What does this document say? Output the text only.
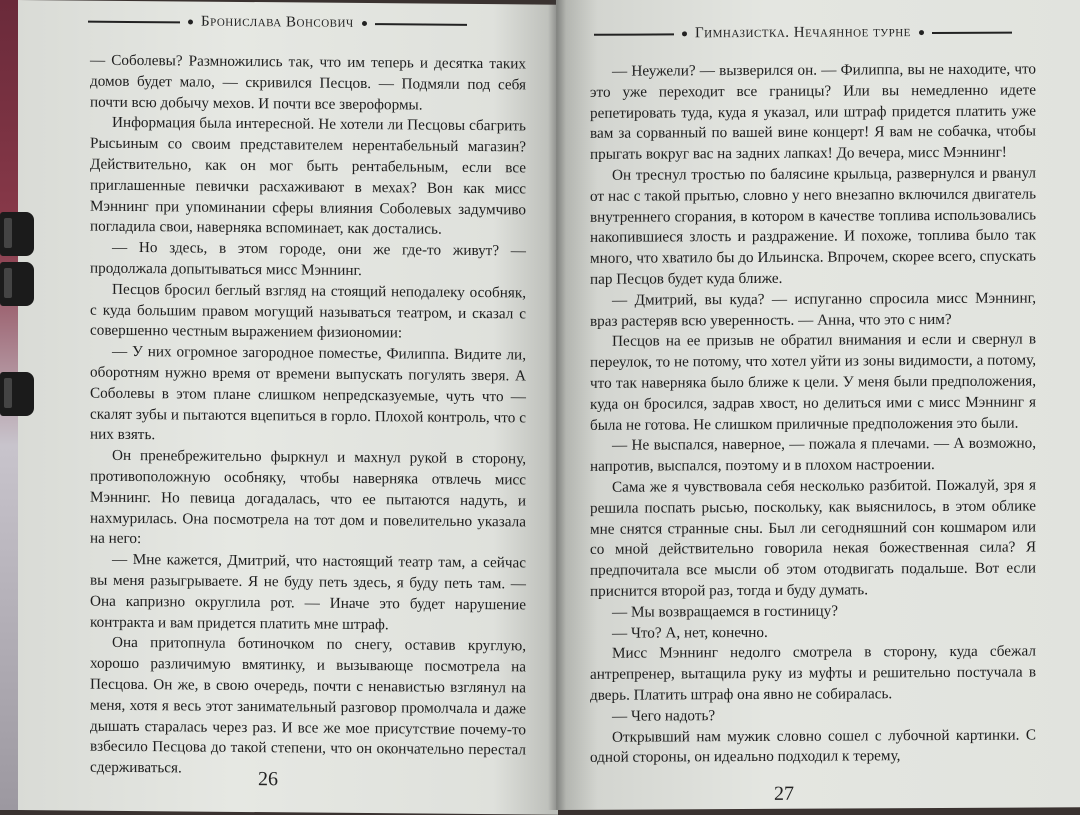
Бронислава Вонсович

— Соболевы? Размножились так, что им теперь и десятка таких домов будет мало, — скривился Песцов. — Подмяли под себя почти всю добычу мехов. И почти все звероформы.

Информация была интересной. Не хотели ли Песцовы сбагрить Рысьиным со своим представителем нерентабельный магазин? Действительно, как он мог быть рентабельным, если все приглашенные певички расхаживают в мехах? Вон как мисс Мэннинг при упоминании сферы влияния Соболевых задумчиво погладила свои, наверняка вспоминает, как достались.

— Но здесь, в этом городе, они же где-то живут? — продолжала допытываться мисс Мэннинг.

Песцов бросил беглый взгляд на стоящий неподалеку особняк, с куда большим правом могущий называться театром, и сказал с совершенно честным выражением физиономии:

— У них огромное загородное поместье, Филиппа. Видите ли, оборотням нужно время от времени выпускать погулять зверя. А Соболевы в этом плане слишком непредсказуемые, чуть что — скалят зубы и пытаются вцепиться в горло. Плохой контроль, что с них взять.

Он пренебрежительно фыркнул и махнул рукой в сторону, противоположную особняку, чтобы наверняка отвлечь мисс Мэннинг. Но певица догадалась, что ее пытаются надуть, и нахмурилась. Она посмотрела на тот дом и повелительно указала на него:

— Мне кажется, Дмитрий, что настоящий театр там, а сейчас вы меня разыгрываете. Я не буду петь здесь, я буду петь там. — Она капризно округлила рот. — Иначе это будет нарушение контракта и вам придется платить мне штраф.

Она притопнула ботиночком по снегу, оставив круглую, хорошо различимую вмятинку, и вызывающе посмотрела на Песцова. Он же, в свою очередь, почти с ненавистью взглянул на меня, хотя я весь этот занимательный разговор промолчала и даже дышать старалась через раз. И все же мое присутствие почему-то взбесило Песцова до такой степени, что он окончательно перестал сдерживаться.

26
Гимназистка. Нечаянное турне

— Неужели? — вызверился он. — Филиппа, вы не находите, что это уже переходит все границы? Или вы немедленно идете репетировать туда, куда я указал, или штраф придется платить уже вам за сорванный по вашей вине концерт! Я вам не собачка, чтобы прыгать вокруг вас на задних лапках! До вечера, мисс Мэннинг!

Он треснул тростью по балясине крыльца, развернулся и рванул от нас с такой прытью, словно у него внезапно включился двигатель внутреннего сгорания, в котором в качестве топлива использовались накопившиеся злость и раздражение. И похоже, топлива было так много, что хватило бы до Ильинска. Впрочем, скорее всего, спускать пар Песцов будет куда ближе.

— Дмитрий, вы куда? — испуганно спросила мисс Мэннинг, враз растеряв всю уверенность. — Анна, что это с ним?

Песцов на ее призыв не обратил внимания и если и свернул в переулок, то не потому, что хотел уйти из зоны видимости, а потому, что так наверняка было ближе к цели. У меня были предположения, куда он бросился, задрав хвост, но делиться ими с мисс Мэннинг я была не готова. Не слишком приличные предположения это были.

— Не выспался, наверное, — пожала я плечами. — А возможно, напротив, выспался, поэтому и в плохом настроении.

Сама же я чувствовала себя несколько разбитой. Пожалуй, зря я решила поспать рысью, поскольку, как выяснилось, в этом облике мне снятся странные сны. Был ли сегодняшний сон кошмаром или со мной действительно говорила некая божественная сила? Я предпочитала все мысли об этом отодвигать подальше. Вот если приснится второй раз, тогда и буду думать.

— Мы возвращаемся в гостиницу?

— Что? А, нет, конечно.

Мисс Мэннинг недолго смотрела в сторону, куда сбежал антрепренер, вытащила руку из муфты и решительно постучала в дверь. Платить штраф она явно не собиралась.

— Чего надоть?

Открывший нам мужик словно сошел с лубочной картинки. С одной стороны, он идеально подходил к терему,

27
